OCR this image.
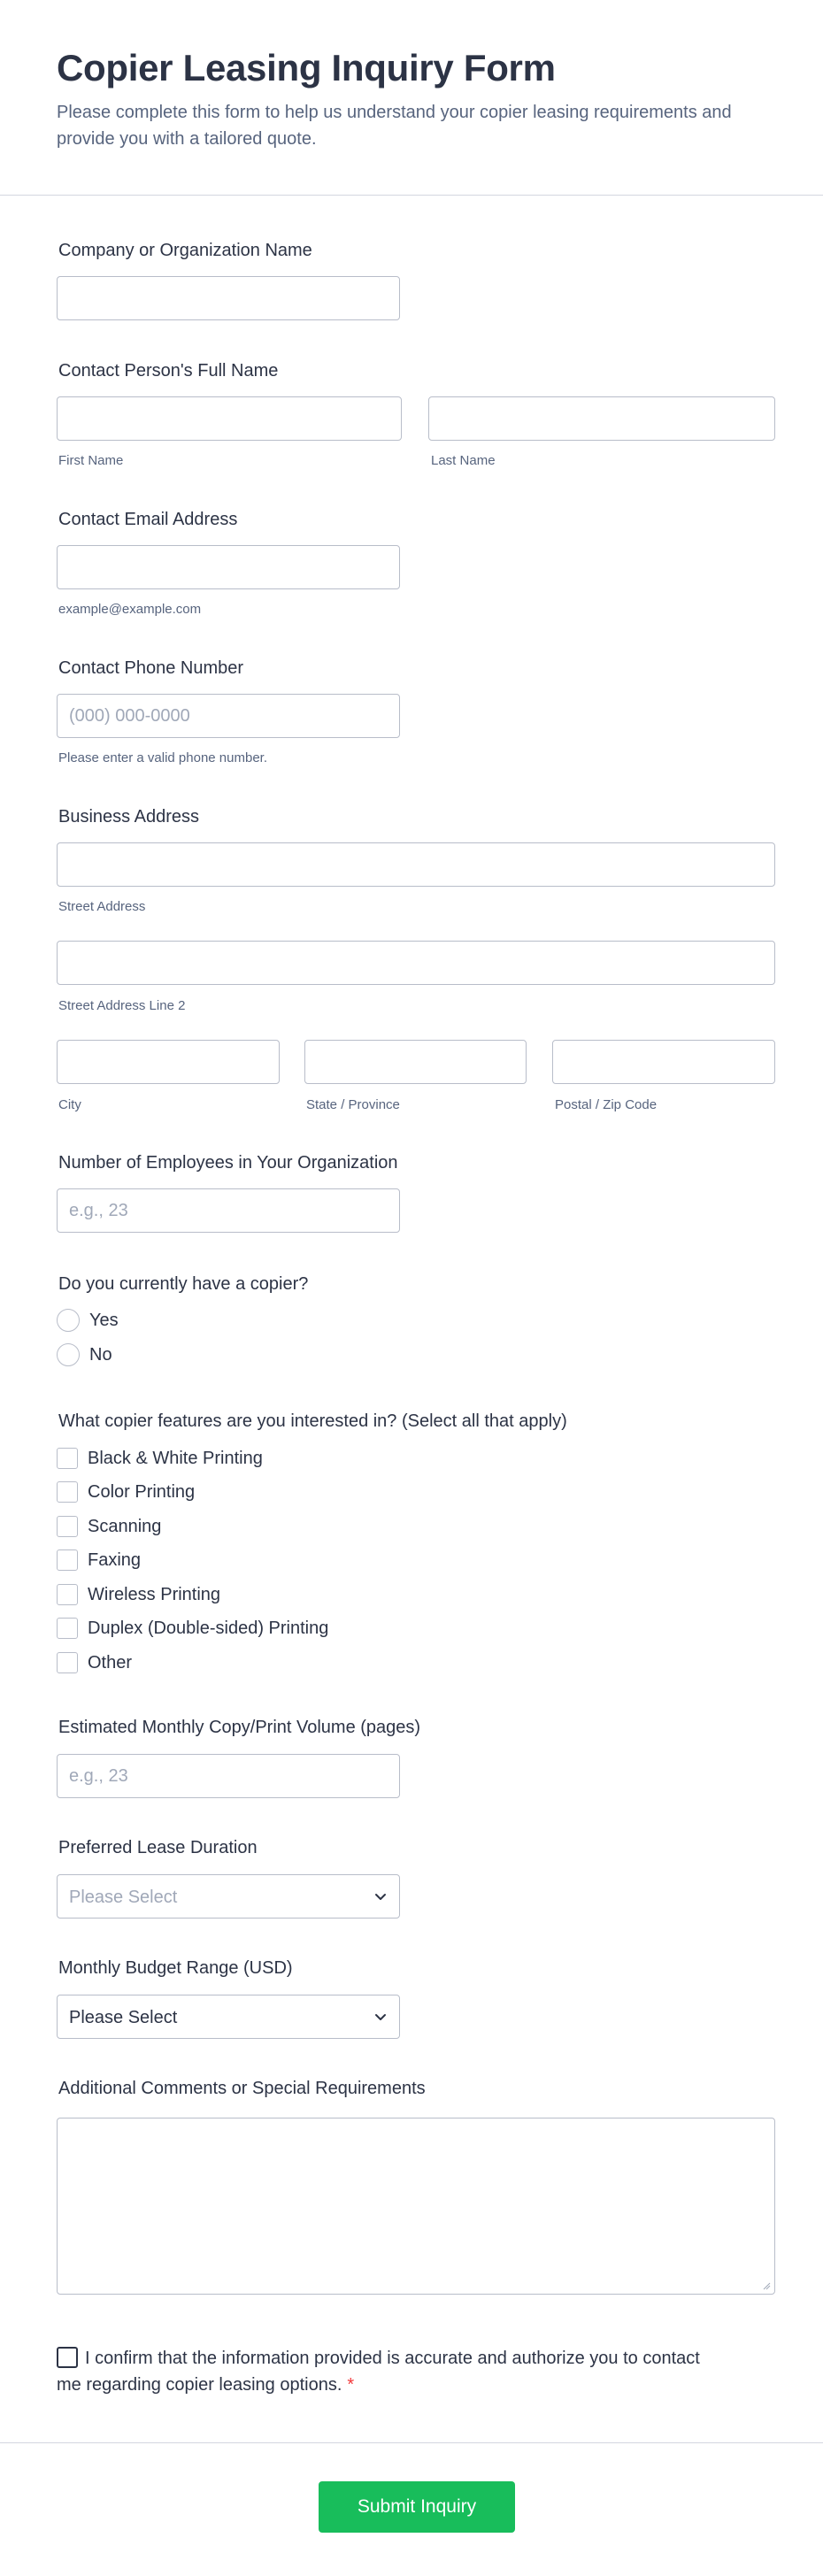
Copier Leasing Inquiry Form

Please complete this form to help us understand your copier leasing requirements and provide you with a tailored quote.

Company or Organization Name
Contact Person's Full Name
First Name	Last Name
Contact Email Address
example@example.com
Contact Phone Number
(000) 000-0000
Please enter a valid phone number.
Business Address
Street Address
Street Address Line 2
City	State / Province	Postal / Zip Code
Number of Employees in Your Organization
e.g., 23
Do you currently have a copier?
Yes
No
What copier features are you interested in? (Select all that apply)
Black & White Printing
Color Printing
Scanning
Faxing
Wireless Printing
Duplex (Double-sided) Printing
Other
Estimated Monthly Copy/Print Volume (pages)
e.g., 23
Preferred Lease Duration
Please Select
Monthly Budget Range (USD)
Please Select
Additional Comments or Special Requirements
I confirm that the information provided is accurate and authorize you to contact me regarding copier leasing options. *
Submit Inquiry
